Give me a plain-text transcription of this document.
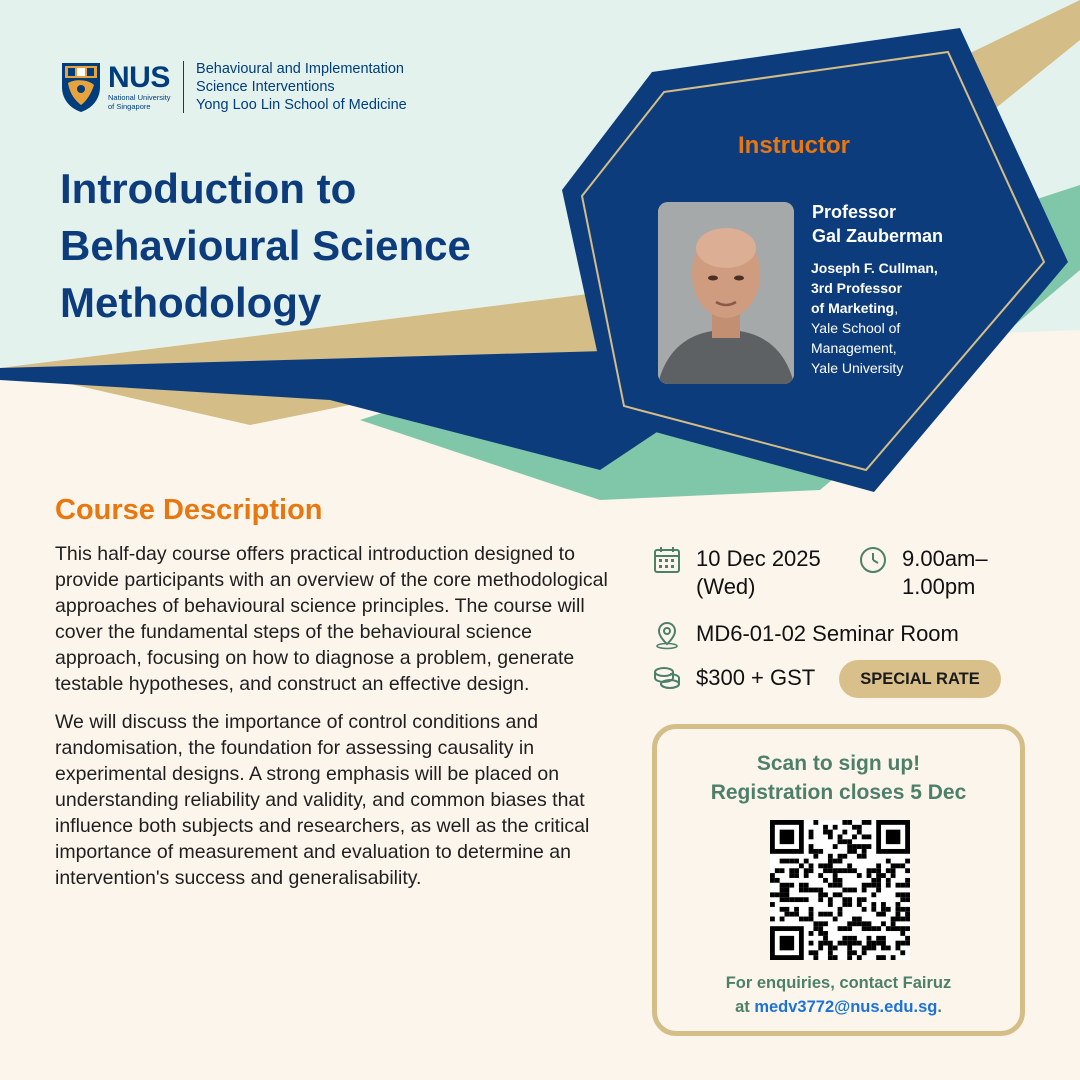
NUS
National University
of Singapore
Behavioural and Implementation
Science Interventions
Yong Loo Lin School of Medicine
Introduction to
Behavioural Science
Methodology
Instructor
Professor
Gal Zauberman
Joseph F. Cullman,
3rd Professor
of Marketing,
Yale School of
Management,
Yale University
Course Description

This half-day course offers practical introduction designed to provide participants with an overview of the core methodological approaches of behavioural science principles. The course will cover the fundamental steps of the behavioural science approach, focusing on how to diagnose a problem, generate testable hypotheses, and construct an effective design.

We will discuss the importance of control conditions and randomisation, the foundation for assessing causality in experimental designs. A strong emphasis will be placed on understanding reliability and validity, and common biases that influence both subjects and researchers, as well as the critical importance of measurement and evaluation to determine an intervention's success and generalisability.

10 Dec 2025
(Wed)
9.00am–
1.00pm
MD6-01-02 Seminar Room
$300 + GST	SPECIAL RATE
Scan to sign up!
Registration closes 5 Dec
For enquiries, contact Fairuz
at medv3772@nus.edu.sg.
